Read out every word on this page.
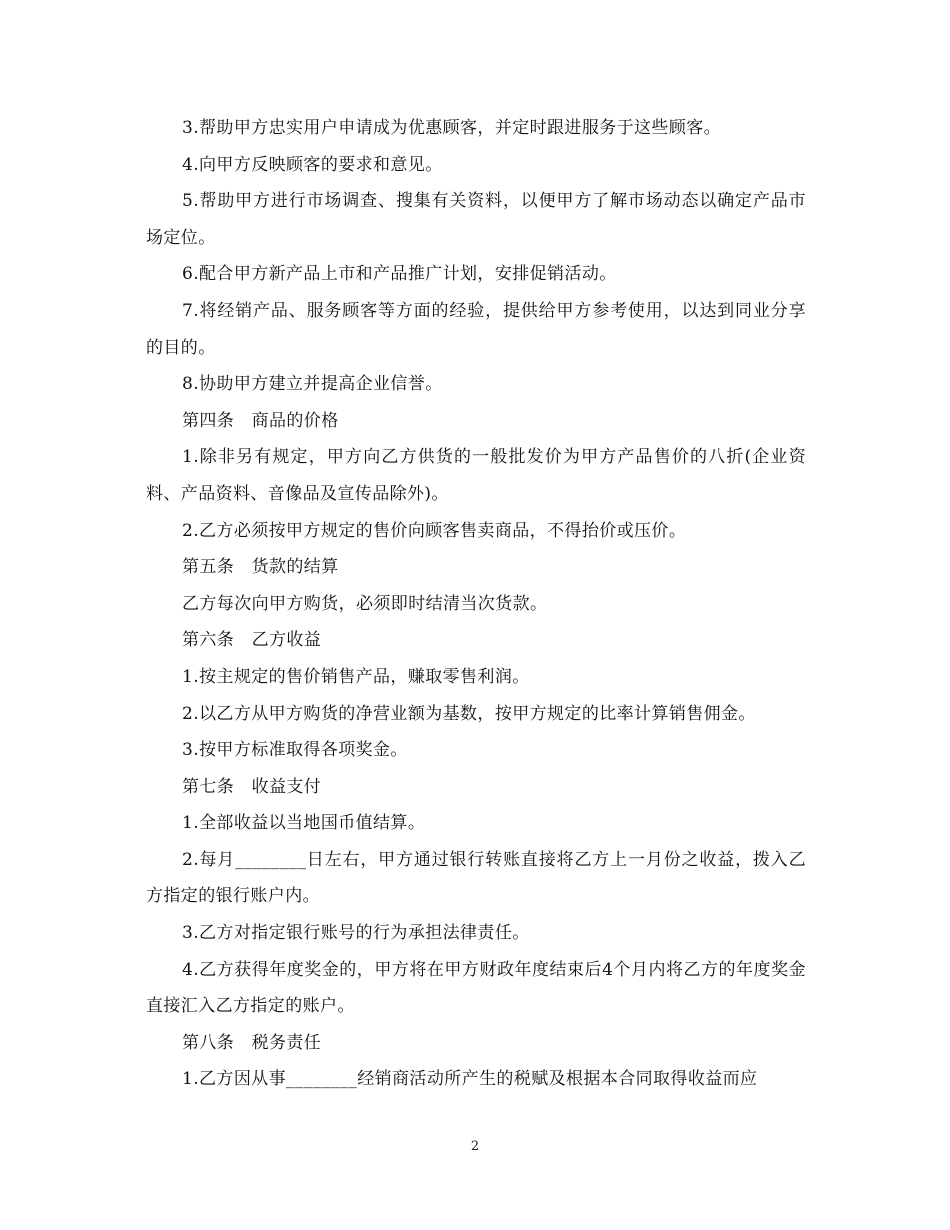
3.帮助甲方忠实用户申请成为优惠顾客，并定时跟进服务于这些顾客。

4.向甲方反映顾客的要求和意见。

5.帮助甲方进行市场调查、搜集有关资料，以便甲方了解市场动态以确定产品市场定位。

6.配合甲方新产品上市和产品推广计划，安排促销活动。

7.将经销产品、服务顾客等方面的经验，提供给甲方参考使用，以达到同业分享的目的。

8.协助甲方建立并提高企业信誉。

第四条　商品的价格

1.除非另有规定，甲方向乙方供货的一般批发价为甲方产品售价的八折(企业资料、产品资料、音像品及宣传品除外)。

2.乙方必须按甲方规定的售价向顾客售卖商品，不得抬价或压价。

第五条　货款的结算

乙方每次向甲方购货，必须即时结清当次货款。

第六条　乙方收益

1.按主规定的售价销售产品，赚取零售利润。

2.以乙方从甲方购货的净营业额为基数，按甲方规定的比率计算销售佣金。

3.按甲方标准取得各项奖金。

第七条　收益支付

1.全部收益以当地国币值结算。

2.每月________日左右，甲方通过银行转账直接将乙方上一月份之收益，拨入乙方指定的银行账户内。

3.乙方对指定银行账号的行为承担法律责任。

4.乙方获得年度奖金的，甲方将在甲方财政年度结束后4个月内将乙方的年度奖金直接汇入乙方指定的账户。

第八条　税务责任

1.乙方因从事________经销商活动所产生的税赋及根据本合同取得收益而应

2
